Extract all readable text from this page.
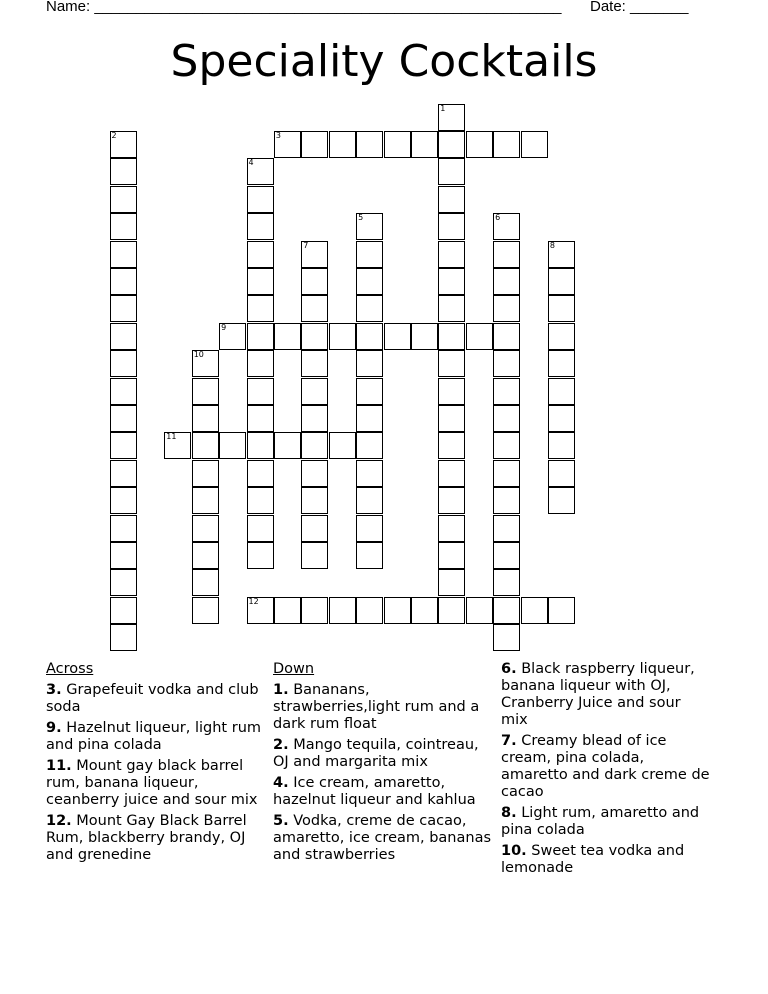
Name: ________________________________________________________ Date: _______
Speciality Cocktails
1
2	3
4
5	6
7	8
9
10
11
12
Across
3. Grapefeuit vodka and club soda
9. Hazelnut liqueur, light rum and pina colada
11. Mount gay black barrel rum, banana liqueur, ceanberry juice and sour mix
12. Mount Gay Black Barrel Rum, blackberry brandy, OJ and grenedine
Down
1. Bananans, strawberries,light rum and a dark rum float
2. Mango tequila, cointreau, OJ and margarita mix
4. Ice cream, amaretto, hazelnut liqueur and kahlua
5. Vodka, creme de cacao, amaretto, ice cream, bananas and strawberries
6. Black raspberry liqueur, banana liqueur with OJ, Cranberry Juice and sour mix
7. Creamy blead of ice cream, pina colada, amaretto and dark creme de cacao
8. Light rum, amaretto and pina colada
10. Sweet tea vodka and lemonade
